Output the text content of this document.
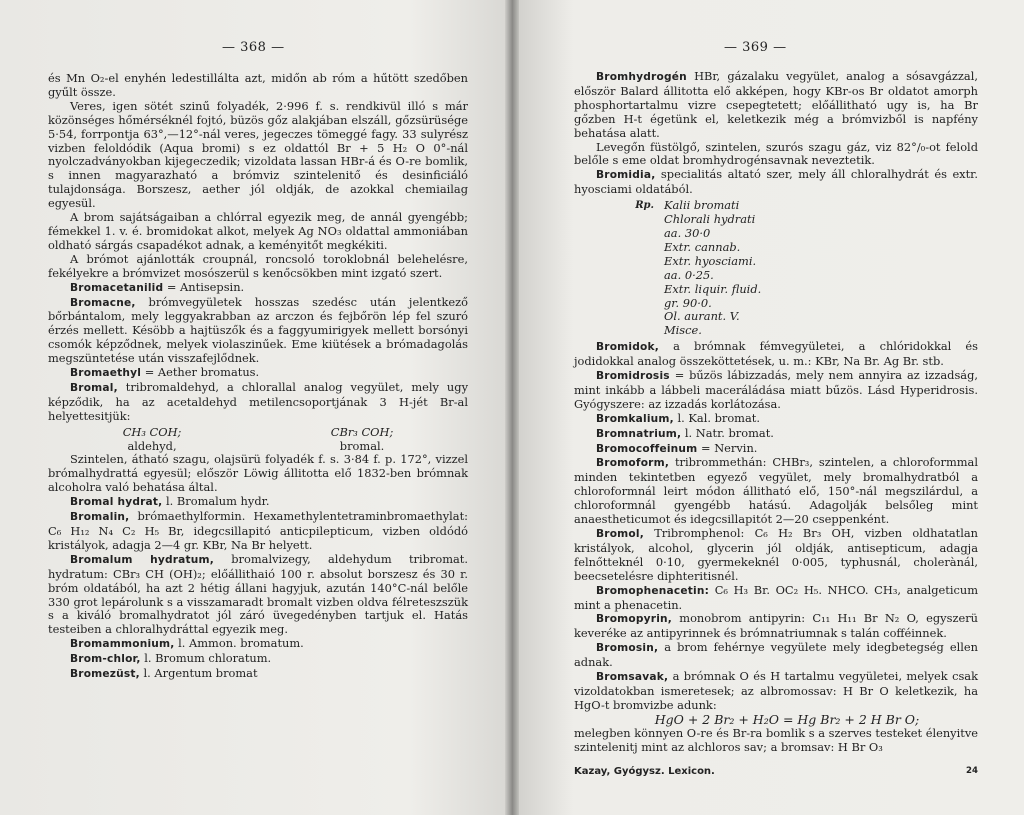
— 368 —

és Mn O₂-el enyhén ledestillálta azt, midőn ab róm a hűtött szedőben gyűlt össze.

Veres, igen sötét szinű folyadék, 2·996 f. s. rendkivül illó s már közönséges hőmérséknél fojtó, büzös gőz alakjában elszáll, gőzsürüsége 5·54, forrpontja 63°,—12°-nál veres, jegeczes tömeggé fagy. 33 sulyrész vizben feloldódik (Aqua bromi) s ez oldattól Br + 5 H₂ O 0°-nál nyolczadványokban kijegeczedik; vizoldata lassan HBr-á és O-re bomlik, s innen magyarazható a brómviz szintelenitő és desinficiáló tulajdonsága. Borszesz, aether jól oldják, de azokkal chemiailag egyesül.

A brom sajátságaiban a chlórral egyezik meg, de annál gyengébb; fémekkel 1. v. é. bromidokat alkot, melyek Ag NO₃ oldattal ammoniában oldható sárgás csapadékot adnak, a keményitőt megkékiti.

A brómot ajánlották croupnál, roncsoló toroklobnál belehelésre, fekélyekre a brómvizet mosószerül s kenőcsökben mint izgató szert.

Bromacetanilid = Antisepsin.

Bromacne, brómvegyületek hosszas szedésc után jelentkező bőrbántalom, mely leggyakrabban az arczon és fejbőrön lép fel szuró érzés mellett. Késöbb a hajtüszők és a faggyumirigyek mellett borsónyi csomók képződnek, melyek violaszinűek. Eme kiütések a brómadagolás megszüntetése után visszafejlődnek.

Bromaethyl = Aether bromatus.

Bromal, tribromaldehyd, a chlorallal analog vegyület, mely ugy képződik, ha az acetaldehyd metilencsoportjának 3 H-jét Br-al helyettesitjük:

CH₃ COH;
aldehyd,
CBr₃ COH;
bromal.

Szintelen, átható szagu, olajsürü folyadék f. s. 3·84 f. p. 172°, vizzel brómalhydrattá egyesül; először Löwig állitotta elő 1832-ben brómnak alcoholra való behatása által.

Bromal hydrat, l. Bromalum hydr.

Bromalin, brómaethylformin. Hexamethylentetraminbromaethylat: C₆ H₁₂ N₄ C₂ H₅ Br, idegcsillapitó anticpilepticum, vizben oldódó kristályok, adagja 2—4 gr. KBr, Na Br helyett.

Bromalum hydratum, bromalvizegy, aldehydum tribromat. hydratum: CBr₃ CH (OH)₂; előállithaió 100 r. absolut borszesz és 30 r. bróm oldatából, ha azt 2 hétig állani hagyjuk, azután 140°C-nál belőle 330 grot lepárolunk s a visszamaradt bromalt vizben oldva félreteszszük s a kiváló bromalhydratot jól záró üvegedényben tartjuk el. Hatás testeiben a chloralhydráttal egyezik meg.

Bromammonium, l. Ammon. bromatum.

Brom-chlor, l. Bromum chloratum.

Bromezüst, l. Argentum bromat

— 369 —

Bromhydrogén HBr, gázalaku vegyület, analog a sósavgázzal, először Balard állitotta elő akképen, hogy KBr-os Br oldatot amorph phosphortartalmu vizre csepegtetett; előállitható ugy is, ha Br gőzben H-t égetünk el, keletkezik még a brómvizből is napfény behatása alatt.

Levegőn füstölgő, szintelen, szurós szagu gáz, viz 82°/₀-ot felold belőle s eme oldat bromhydrogénsavnak neveztetik.

Bromidia, specialitás altató szer, mely áll chloralhydrát és extr. hyosciami oldatából.

Rp. Kalii bromati
Chlorali hydrati
aa. 30·0
Extr. cannab.
Extr. hyosciami.
aa. 0·25.
Extr. liquir. fluid.
gr. 90·0.
Ol. aurant. V.
Misce.

Bromidok, a brómnak fémvegyületei, a chlóridokkal és jodidokkal analog összeköttetések, u. m.: KBr, Na Br. Ag Br. stb.

Bromidrosis = bűzös lábizzadás, mely nem annyira az izzadság, mint inkább a lábbeli maceráládása miatt bűzös. Lásd Hyperidrosis. Gyógyszere: az izzadás korlátozása.

Bromkalium, l. Kal. bromat.

Bromnatrium, l. Natr. bromat.

Bromocoffeinum = Nervin.

Bromoform, tribrommethán: CHBr₃, szintelen, a chloroformmal minden tekintetben egyező vegyület, mely bromalhydratból a chloroformnál leirt módon állitható elő, 150°-nál megszilárdul, a chloroformnál gyengébb hatású. Adagolják belsőleg mint anaestheticumot és idegcsillapitót 2—20 cseppenként.

Bromol, Tribromphenol: C₆ H₂ Br₃ OH, vizben oldhatatlan kristályok, alcohol, glycerin jól oldják, antisepticum, adagja felnőtteknél 0·10, gyermekeknél 0·005, typhusnál, cholerànál, beecsetelésre diphteritisnél.

Bromophenacetin: C₆ H₃ Br. OC₂ H₅. NHCO. CH₃, analgeticum mint a phenacetin.

Bromopyrin, monobrom antipyrin: C₁₁ H₁₁ Br N₂ O, egyszerü keveréke az antipyrinnek és brómnatriumnak s talán cofféinnek.

Bromosin, a brom fehérnye vegyülete mely idegbetegség ellen adnak.

Bromsavak, a brómnak O és H tartalmu vegyületei, melyek csak vizoldatokban ismeretesek; az albromossav: H Br O keletkezik, ha HgO-t bromvizbe adunk:

HgO + 2 Br₂ + H₂O = Hg Br₂ + 2 H Br O;

melegben könnyen O-re és Br-ra bomlik s a szerves testeket élenyitve szintelenitj mint az alchloros sav; a bromsav: H Br O₃

Kazay, Gyógysz. Lexicon.	24
